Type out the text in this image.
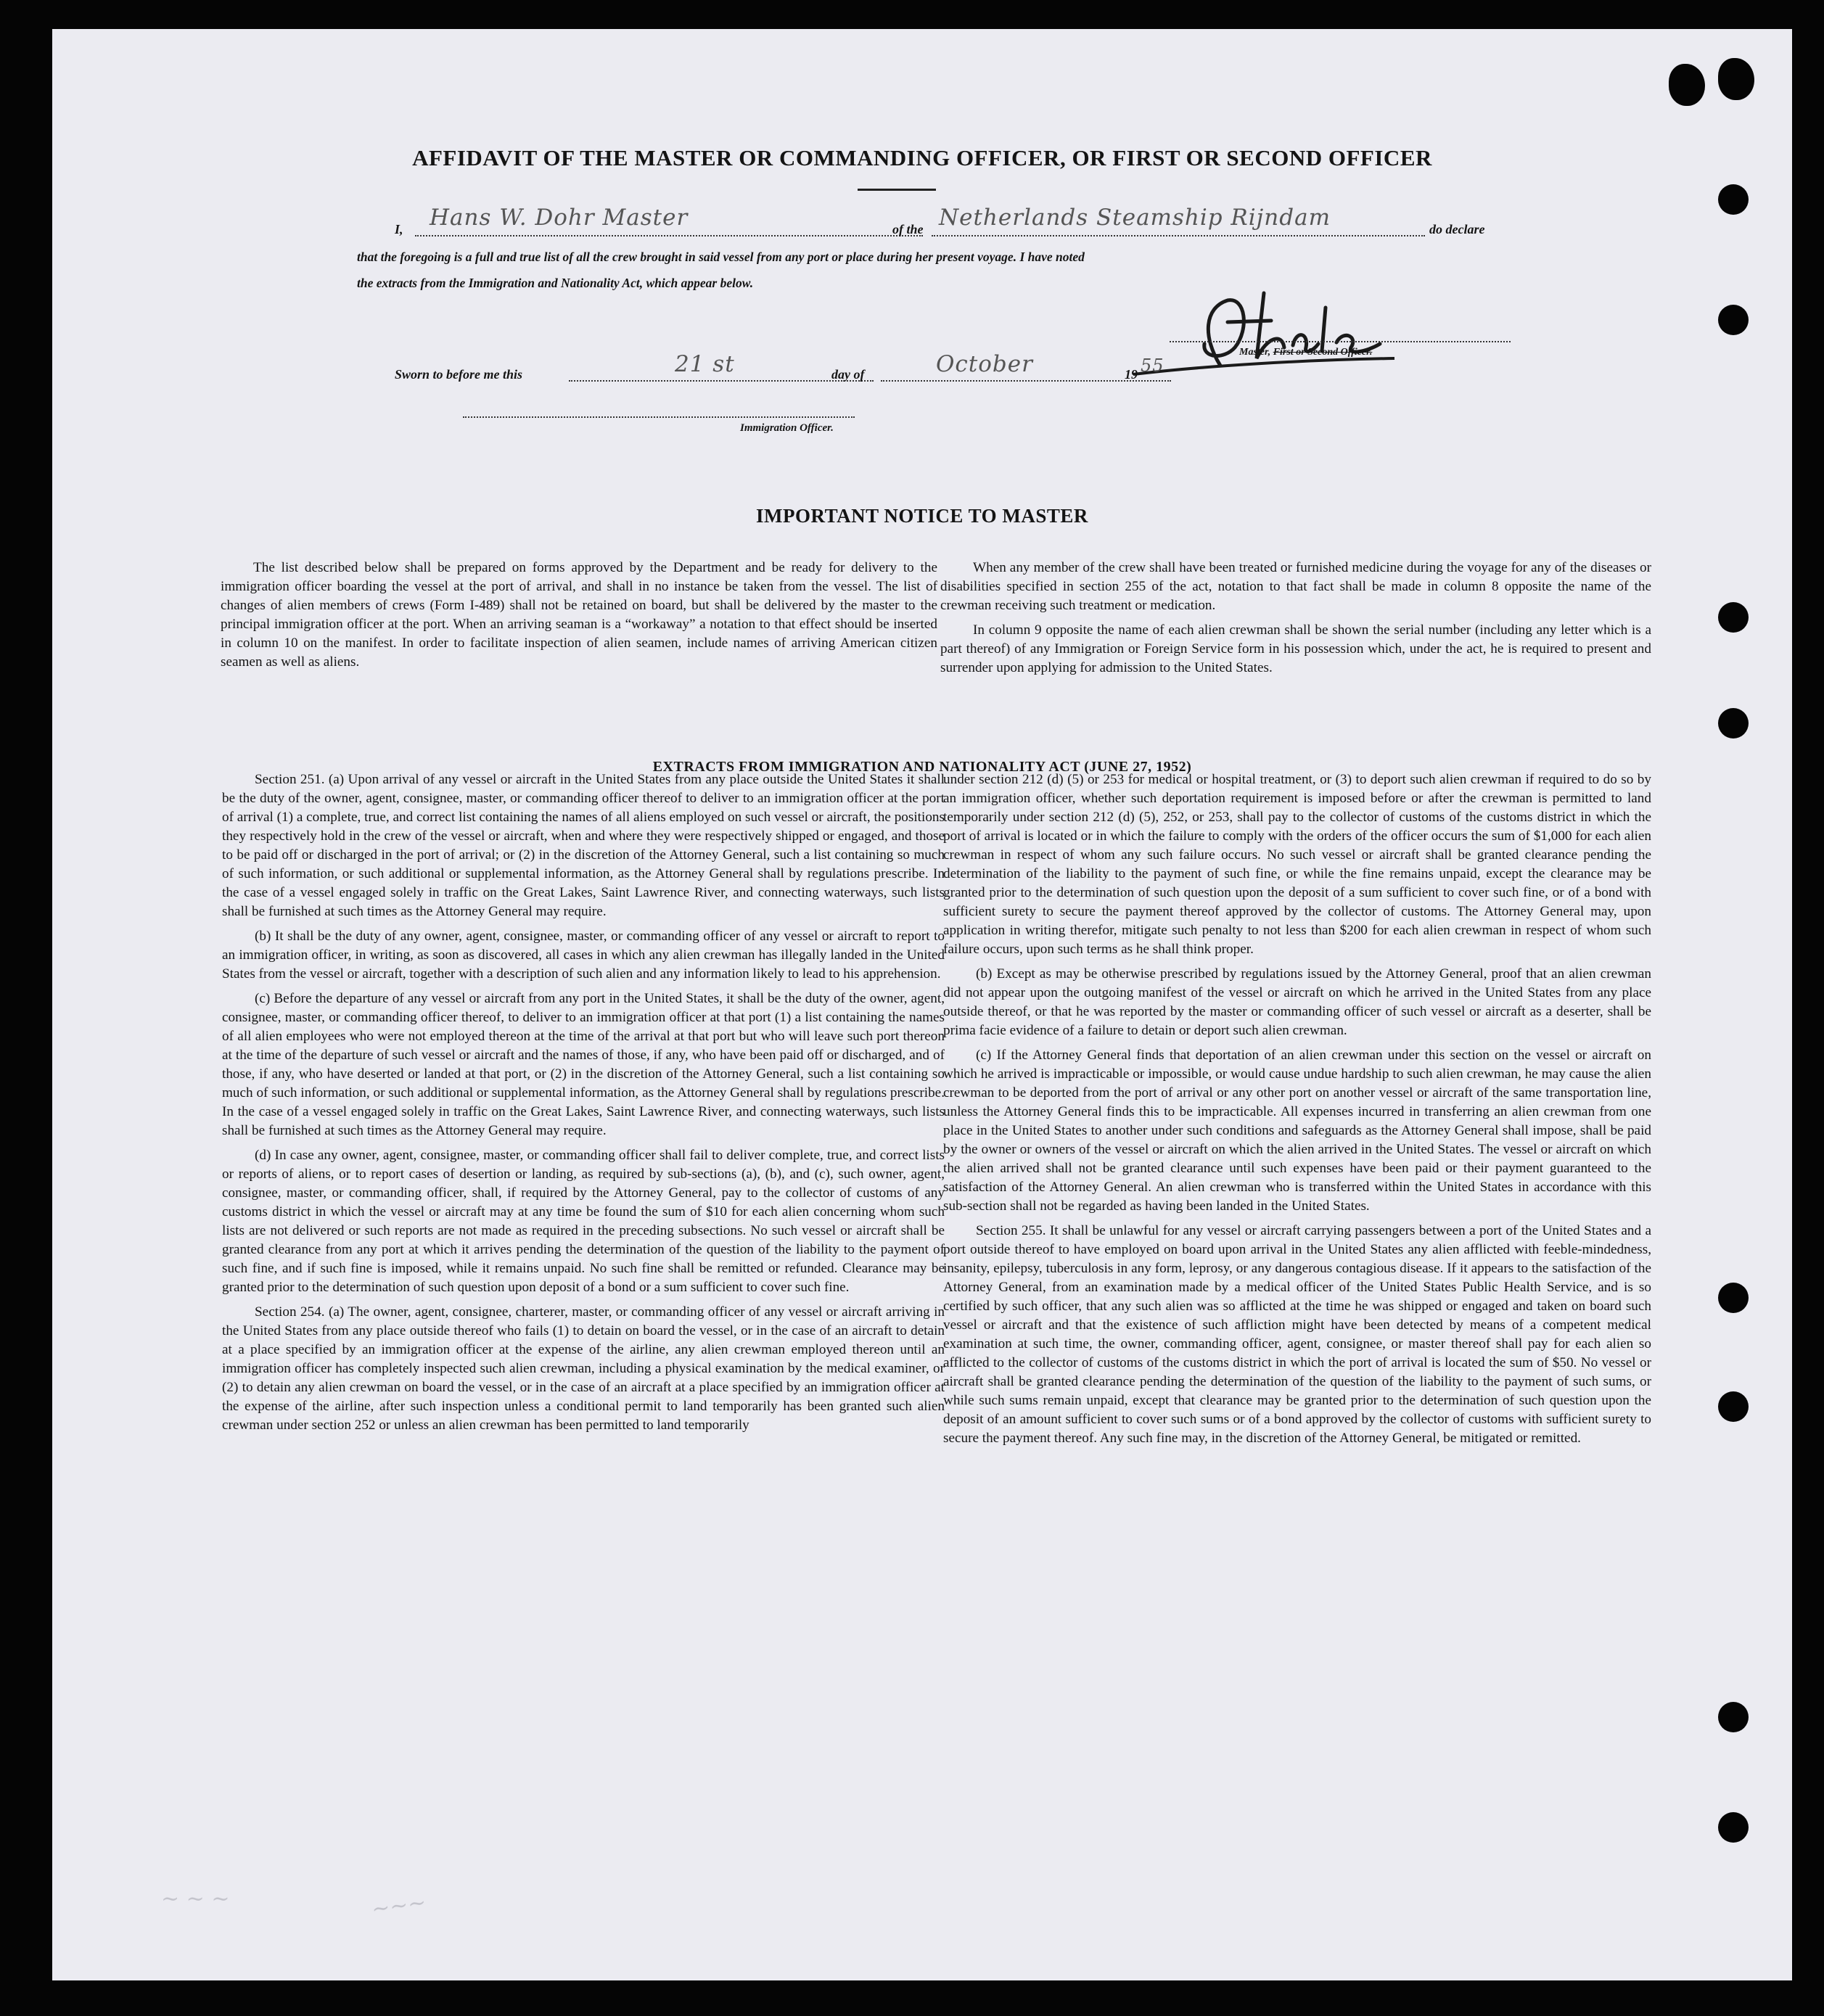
AFFIDAVIT OF THE MASTER OR COMMANDING OFFICER, OR FIRST OR SECOND OFFICER
I, Hans W. Dohr Master	of the Netherlands Steamship Rijndam	do declare
that the foregoing is a full and true list of all the crew brought in said vessel from any port or place during her present voyage. I have noted
the extracts from the Immigration and Nationality Act, which appear below.	Dohr
Master, First or Second Officer.
Sworn to before me this	21 st	day of	October	19 55
Immigration Officer.
IMPORTANT NOTICE TO MASTER

The list described below shall be prepared on forms approved by the Department and be ready for delivery to the immigration officer boarding the vessel at the port of arrival, and shall in no instance be taken from the vessel. The list of changes of alien members of crews (Form I-489) shall not be retained on board, but shall be delivered by the master to the principal immigration officer at the port. When an arriving seaman is a “workaway” a notation to that effect should be inserted in column 10 on the manifest. In order to facilitate inspection of alien seamen, include names of arriving American citizen seamen as well as aliens.

When any member of the crew shall have been treated or furnished medicine during the voyage for any of the diseases or disabilities specified in section 255 of the act, notation to that fact shall be made in column 8 opposite the name of the crewman receiving such treatment or medication.

In column 9 opposite the name of each alien crewman shall be shown the serial number (including any letter which is a part thereof) of any Immigration or Foreign Service form in his possession which, under the act, he is required to present and surrender upon applying for admission to the United States.

EXTRACTS FROM IMMIGRATION AND NATIONALITY ACT (JUNE 27, 1952)

Section 251. (a) Upon arrival of any vessel or aircraft in the United States from any place outside the United States it shall be the duty of the owner, agent, consignee, master, or commanding officer thereof to deliver to an immigration officer at the port of arrival (1) a complete, true, and correct list containing the names of all aliens employed on such vessel or aircraft, the positions they respectively hold in the crew of the vessel or aircraft, when and where they were respectively shipped or engaged, and those to be paid off or discharged in the port of arrival; or (2) in the discretion of the Attorney General, such a list containing so much of such information, or such additional or supplemental information, as the Attorney General shall by regulations prescribe. In the case of a vessel engaged solely in traffic on the Great Lakes, Saint Lawrence River, and connecting waterways, such lists shall be furnished at such times as the Attorney General may require.

(b) It shall be the duty of any owner, agent, consignee, master, or commanding officer of any vessel or aircraft to report to an immigration officer, in writing, as soon as discovered, all cases in which any alien crewman has illegally landed in the United States from the vessel or aircraft, together with a description of such alien and any information likely to lead to his apprehension.

(c) Before the departure of any vessel or aircraft from any port in the United States, it shall be the duty of the owner, agent, consignee, master, or commanding officer thereof, to deliver to an immigration officer at that port (1) a list containing the names of all alien employees who were not employed thereon at the time of the arrival at that port but who will leave such port thereon at the time of the departure of such vessel or aircraft and the names of those, if any, who have been paid off or discharged, and of those, if any, who have deserted or landed at that port, or (2) in the discretion of the Attorney General, such a list containing so much of such information, or such additional or supplemental information, as the Attorney General shall by regulations prescribe. In the case of a vessel engaged solely in traffic on the Great Lakes, Saint Lawrence River, and connecting waterways, such lists shall be furnished at such times as the Attorney General may require.

(d) In case any owner, agent, consignee, master, or commanding officer shall fail to deliver complete, true, and correct lists or reports of aliens, or to report cases of desertion or landing, as required by sub-sections (a), (b), and (c), such owner, agent, consignee, master, or commanding officer, shall, if required by the Attorney General, pay to the collector of customs of any customs district in which the vessel or aircraft may at any time be found the sum of $10 for each alien concerning whom such lists are not delivered or such reports are not made as required in the preceding subsections. No such vessel or aircraft shall be granted clearance from any port at which it arrives pending the determination of the question of the liability to the payment of such fine, and if such fine is imposed, while it remains unpaid. No such fine shall be remitted or refunded. Clearance may be granted prior to the determination of such question upon deposit of a bond or a sum sufficient to cover such fine.

Section 254. (a) The owner, agent, consignee, charterer, master, or commanding officer of any vessel or aircraft arriving in the United States from any place outside thereof who fails (1) to detain on board the vessel, or in the case of an aircraft to detain at a place specified by an immigration officer at the expense of the airline, any alien crewman employed thereon until an immigration officer has completely inspected such alien crewman, including a physical examination by the medical examiner, or (2) to detain any alien crewman on board the vessel, or in the case of an aircraft at a place specified by an immigration officer at the expense of the airline, after such inspection unless a conditional permit to land temporarily has been granted such alien crewman under section 252 or unless an alien crewman has been permitted to land temporarily

under section 212 (d) (5) or 253 for medical or hospital treatment, or (3) to deport such alien crewman if required to do so by an immigration officer, whether such deportation requirement is imposed before or after the crewman is permitted to land temporarily under section 212 (d) (5), 252, or 253, shall pay to the collector of customs of the customs district in which the port of arrival is located or in which the failure to comply with the orders of the officer occurs the sum of $1,000 for each alien crewman in respect of whom any such failure occurs. No such vessel or aircraft shall be granted clearance pending the determination of the liability to the payment of such fine, or while the fine remains unpaid, except the clearance may be granted prior to the determination of such question upon the deposit of a sum sufficient to cover such fine, or of a bond with sufficient surety to secure the payment thereof approved by the collector of customs. The Attorney General may, upon application in writing therefor, mitigate such penalty to not less than $200 for each alien crewman in respect of whom such failure occurs, upon such terms as he shall think proper.

(b) Except as may be otherwise prescribed by regulations issued by the Attorney General, proof that an alien crewman did not appear upon the outgoing manifest of the vessel or aircraft on which he arrived in the United States from any place outside thereof, or that he was reported by the master or commanding officer of such vessel or aircraft as a deserter, shall be prima facie evidence of a failure to detain or deport such alien crewman.

(c) If the Attorney General finds that deportation of an alien crewman under this section on the vessel or aircraft on which he arrived is impracticable or impossible, or would cause undue hardship to such alien crewman, he may cause the alien crewman to be deported from the port of arrival or any other port on another vessel or aircraft of the same transportation line, unless the Attorney General finds this to be impracticable. All expenses incurred in transferring an alien crewman from one place in the United States to another under such conditions and safeguards as the Attorney General shall impose, shall be paid by the owner or owners of the vessel or aircraft on which the alien arrived in the United States. The vessel or aircraft on which the alien arrived shall not be granted clearance until such expenses have been paid or their payment guaranteed to the satisfaction of the Attorney General. An alien crewman who is transferred within the United States in accordance with this sub-section shall not be regarded as having been landed in the United States.

Section 255. It shall be unlawful for any vessel or aircraft carrying passengers between a port of the United States and a port outside thereof to have employed on board upon arrival in the United States any alien afflicted with feeble-mindedness, insanity, epilepsy, tuberculosis in any form, leprosy, or any dangerous contagious disease. If it appears to the satisfaction of the Attorney General, from an examination made by a medical officer of the United States Public Health Service, and is so certified by such officer, that any such alien was so afflicted at the time he was shipped or engaged and taken on board such vessel or aircraft and that the existence of such affliction might have been detected by means of a competent medical examination at such time, the owner, commanding officer, agent, consignee, or master thereof shall pay for each alien so afflicted to the collector of customs of the customs district in which the port of arrival is located the sum of $50. No vessel or aircraft shall be granted clearance pending the determination of the question of the liability to the payment of such sums, or while such sums remain unpaid, except that clearance may be granted prior to the determination of such question upon the deposit of an amount sufficient to cover such sums or of a bond approved by the collector of customs with sufficient surety to secure the payment thereof. Any such fine may, in the discretion of the Attorney General, be mitigated or remitted.

~ ~ ~	~~~
